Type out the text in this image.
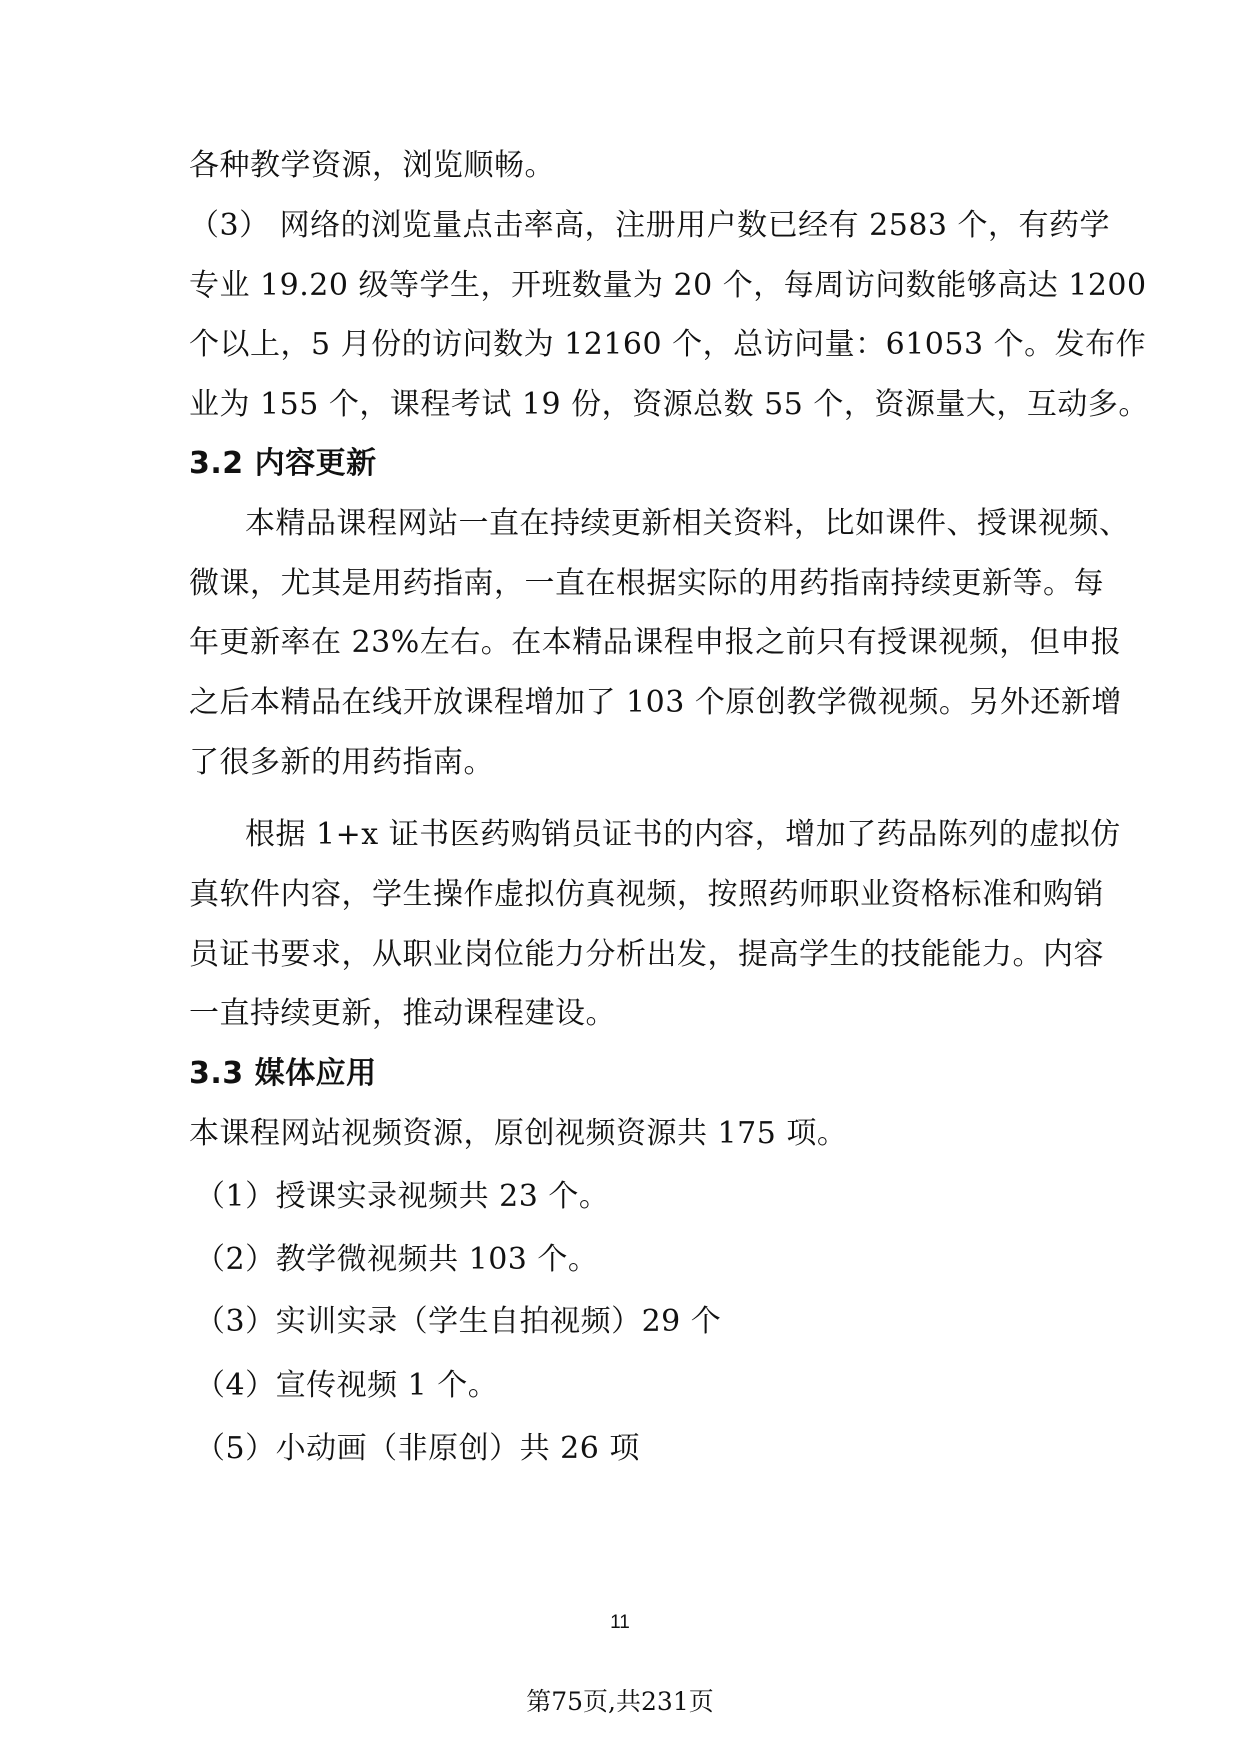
各种教学资源，浏览顺畅。
（3） 网络的浏览量点击率高，注册用户数已经有 2583 个，有药学
专业 19.20 级等学生，开班数量为 20 个，每周访问数能够高达 1200
个以上，5 月份的访问数为 12160 个，总访问量：61053 个。发布作
业为 155 个，课程考试 19 份，资源总数 55 个，资源量大，互动多。
3.2 内容更新
本精品课程网站一直在持续更新相关资料，比如课件、授课视频、
微课，尤其是用药指南，一直在根据实际的用药指南持续更新等。每
年更新率在 23%左右。在本精品课程申报之前只有授课视频，但申报
之后本精品在线开放课程增加了 103 个原创教学微视频。另外还新增
了很多新的用药指南。
根据 1+x 证书医药购销员证书的内容，增加了药品陈列的虚拟仿
真软件内容，学生操作虚拟仿真视频，按照药师职业资格标准和购销
员证书要求，从职业岗位能力分析出发，提高学生的技能能力。内容
一直持续更新，推动课程建设。
3.3 媒体应用
本课程网站视频资源，原创视频资源共 175 项。
（1）授课实录视频共 23 个。
（2）教学微视频共 103 个。
（3）实训实录（学生自拍视频）29 个
（4）宣传视频 1 个。
（5）小动画（非原创）共 26 项
11
第75页,共231页
